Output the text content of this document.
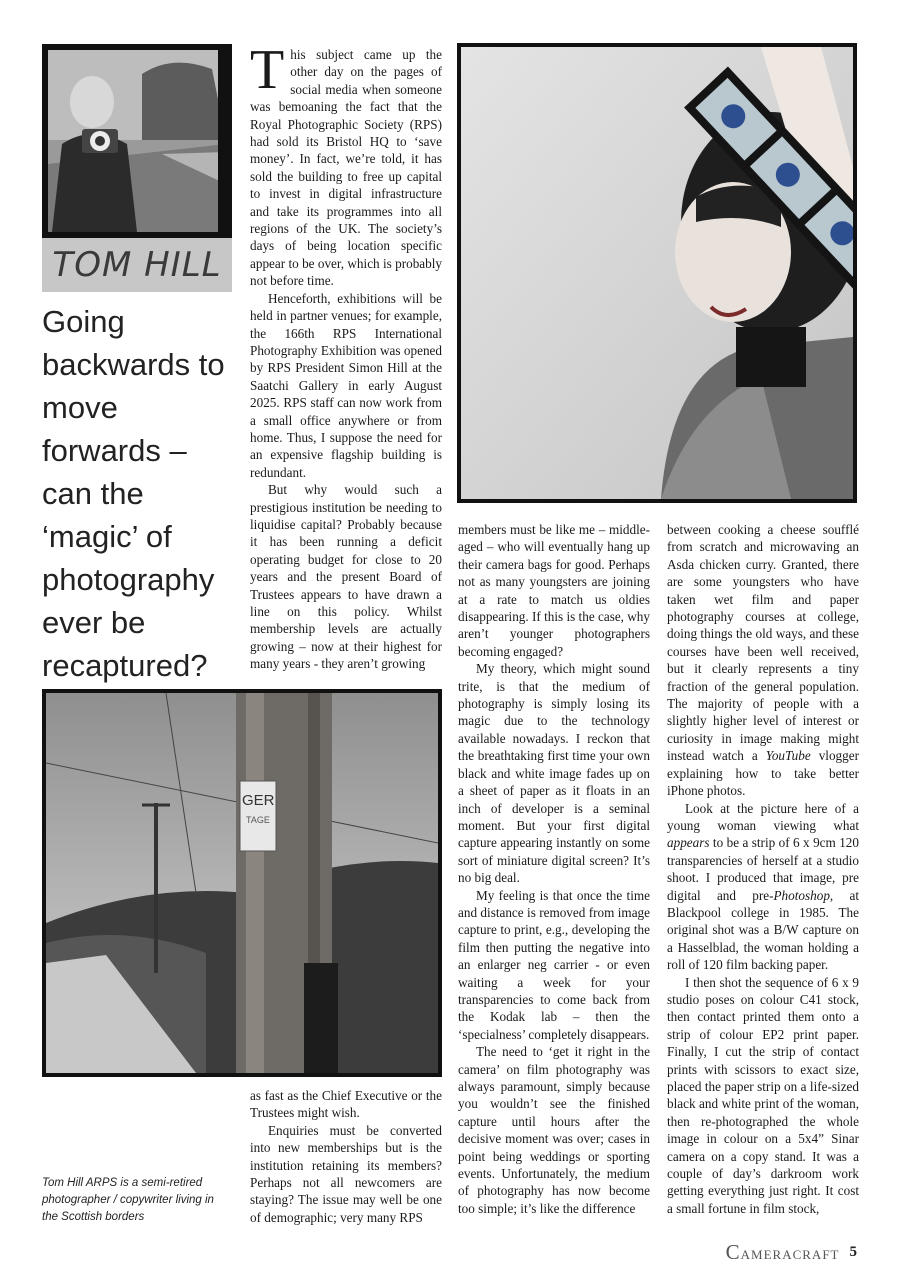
TOM HILL
Going backwards to move forwards – can the ‘magic’ of photography ever be recaptured?

This subject came up the other day on the pages of social media when someone was bemoaning the fact that the Royal Photographic Society (RPS) had sold its Bristol HQ to ‘save money’. In fact, we’re told, it has sold the building to free up capital to invest in digital infrastructure and take its programmes into all regions of the UK. The society’s days of being location specific appear to be over, which is probably not before time.

Henceforth, exhibitions will be held in partner venues; for example, the 166th RPS International Photography Exhibition was opened by RPS President Simon Hill at the Saatchi Gallery in early August 2025. RPS staff can now work from a small office anywhere or from home. Thus, I suppose the need for an expensive flagship building is redundant.

But why would such a prestigious institution be needing to liquidise capital? Probably because it has been running a deficit operating budget for close to 20 years and the present Board of Trustees appears to have drawn a line on this policy. Whilst membership levels are actually growing – now at their highest for many years - they aren’t growing

GER
TAGE

as fast as the Chief Executive or the Trustees might wish.

Enquiries must be converted into new memberships but is the institution retaining its members? Perhaps not all newcomers are staying? The issue may well be one of demographic; very many RPS

members must be like me – middle-aged – who will eventually hang up their camera bags for good. Perhaps not as many youngsters are joining at a rate to match us oldies disappearing. If this is the case, why aren’t younger photographers becoming engaged?

My theory, which might sound trite, is that the medium of photography is simply losing its magic due to the technology available nowadays. I reckon that the breathtaking first time your own black and white image fades up on a sheet of paper as it floats in an inch of developer is a seminal moment. But your first digital capture appearing instantly on some sort of miniature digital screen? It’s no big deal.

My feeling is that once the time and distance is removed from image capture to print, e.g., developing the film then putting the negative into an enlarger neg carrier - or even waiting a week for your transparencies to come back from the Kodak lab – then the ‘specialness’ completely disappears.

The need to ‘get it right in the camera’ on film photography was always paramount, simply because you wouldn’t see the finished capture until hours after the decisive moment was over; cases in point being weddings or sporting events. Unfortunately, the medium of photography has now become too simple; it’s like the difference

between cooking a cheese soufflé from scratch and microwaving an Asda chicken curry. Granted, there are some youngsters who have taken wet film and paper photography courses at college, doing things the old ways, and these courses have been well received, but it clearly represents a tiny fraction of the general population. The majority of people with a slightly higher level of interest or curiosity in image making might instead watch a YouTube vlogger explaining how to take better iPhone photos.

Look at the picture here of a young woman viewing what appears to be a strip of 6 x 9cm 120 transparencies of herself at a studio shoot. I produced that image, pre digital and pre-Photoshop, at Blackpool college in 1985. The original shot was a B/W capture on a Hasselblad, the woman holding a roll of 120 film backing paper.

I then shot the sequence of 6 x 9 studio poses on colour C41 stock, then contact printed them onto a strip of colour EP2 print paper. Finally, I cut the strip of contact prints with scissors to exact size, placed the paper strip on a life-sized black and white print of the woman, then re-photographed the whole image in colour on a 5x4” Sinar camera on a copy stand. It was a couple of day’s darkroom work getting everything just right. It cost a small fortune in film stock,

Tom Hill ARPS is a semi-retired photographer / copywriter living in the Scottish borders
CAMERACRAFT 5
